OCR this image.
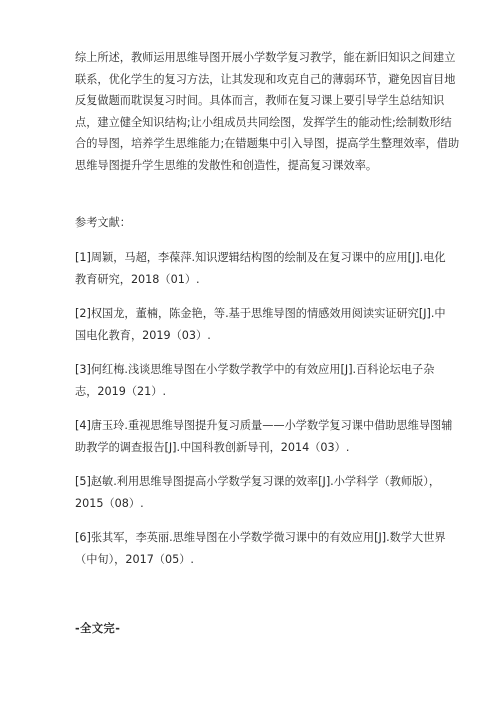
综上所述，教师运用思维导图开展小学数学复习教学，能在新旧知识之间建立
联系，优化学生的复习方法，让其发现和攻克自己的薄弱环节，避免因盲目地
反复做题而耽误复习时间。具体而言，教师在复习课上要引导学生总结知识
点，建立健全知识结构;让小组成员共同绘图，发挥学生的能动性;绘制数形结
合的导图，培养学生思维能力;在错题集中引入导图，提高学生整理效率，借助
思维导图提升学生思维的发散性和创造性，提高复习课效率。
参考文献：
[1]周颖，马超，李葆萍.知识逻辑结构图的绘制及在复习课中的应用[J].电化
教育研究，2018（01）.
[2]权国龙，董楠，陈金艳，等.基于思维导图的情感效用阅读实证研究[J].中
国电化教育，2019（03）.
[3]何红梅.浅谈思维导图在小学数学教学中的有效应用[J].百科论坛电子杂
志，2019（21）.
[4]唐玉玲.重视思维导图提升复习质量——小学数学复习课中借助思维导图辅
助教学的调查报告[J].中国科教创新导刊，2014（03）.
[5]赵敏.利用思维导图提高小学数学复习课的效率[J].小学科学（教师版），
2015（08）.
[6]张其军，李英丽.思维导图在小学数学微习课中的有效应用[J].数学大世界
（中旬），2017（05）.
-全文完-
